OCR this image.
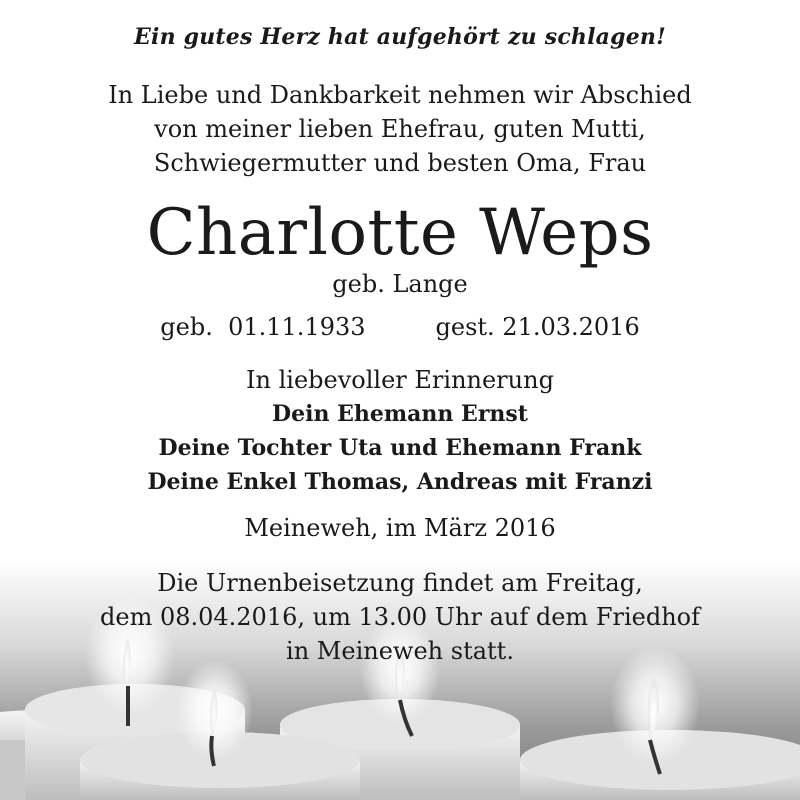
Ein gutes Herz hat aufgehört zu schlagen!
In Liebe und Dankbarkeit nehmen wir Abschied
von meiner lieben Ehefrau, guten Mutti,
Schwiegermutter und besten Oma, Frau
Charlotte Weps
geb. Lange
geb.  01.11.1933	gest. 21.03.2016
In liebevoller Erinnerung
Dein Ehemann Ernst
Deine Tochter Uta und Ehemann Frank
Deine Enkel Thomas, Andreas mit Franzi
Meineweh, im März 2016
Die Urnenbeisetzung findet am Freitag,
dem 08.04.2016, um 13.00 Uhr auf dem Friedhof
in Meineweh statt.
